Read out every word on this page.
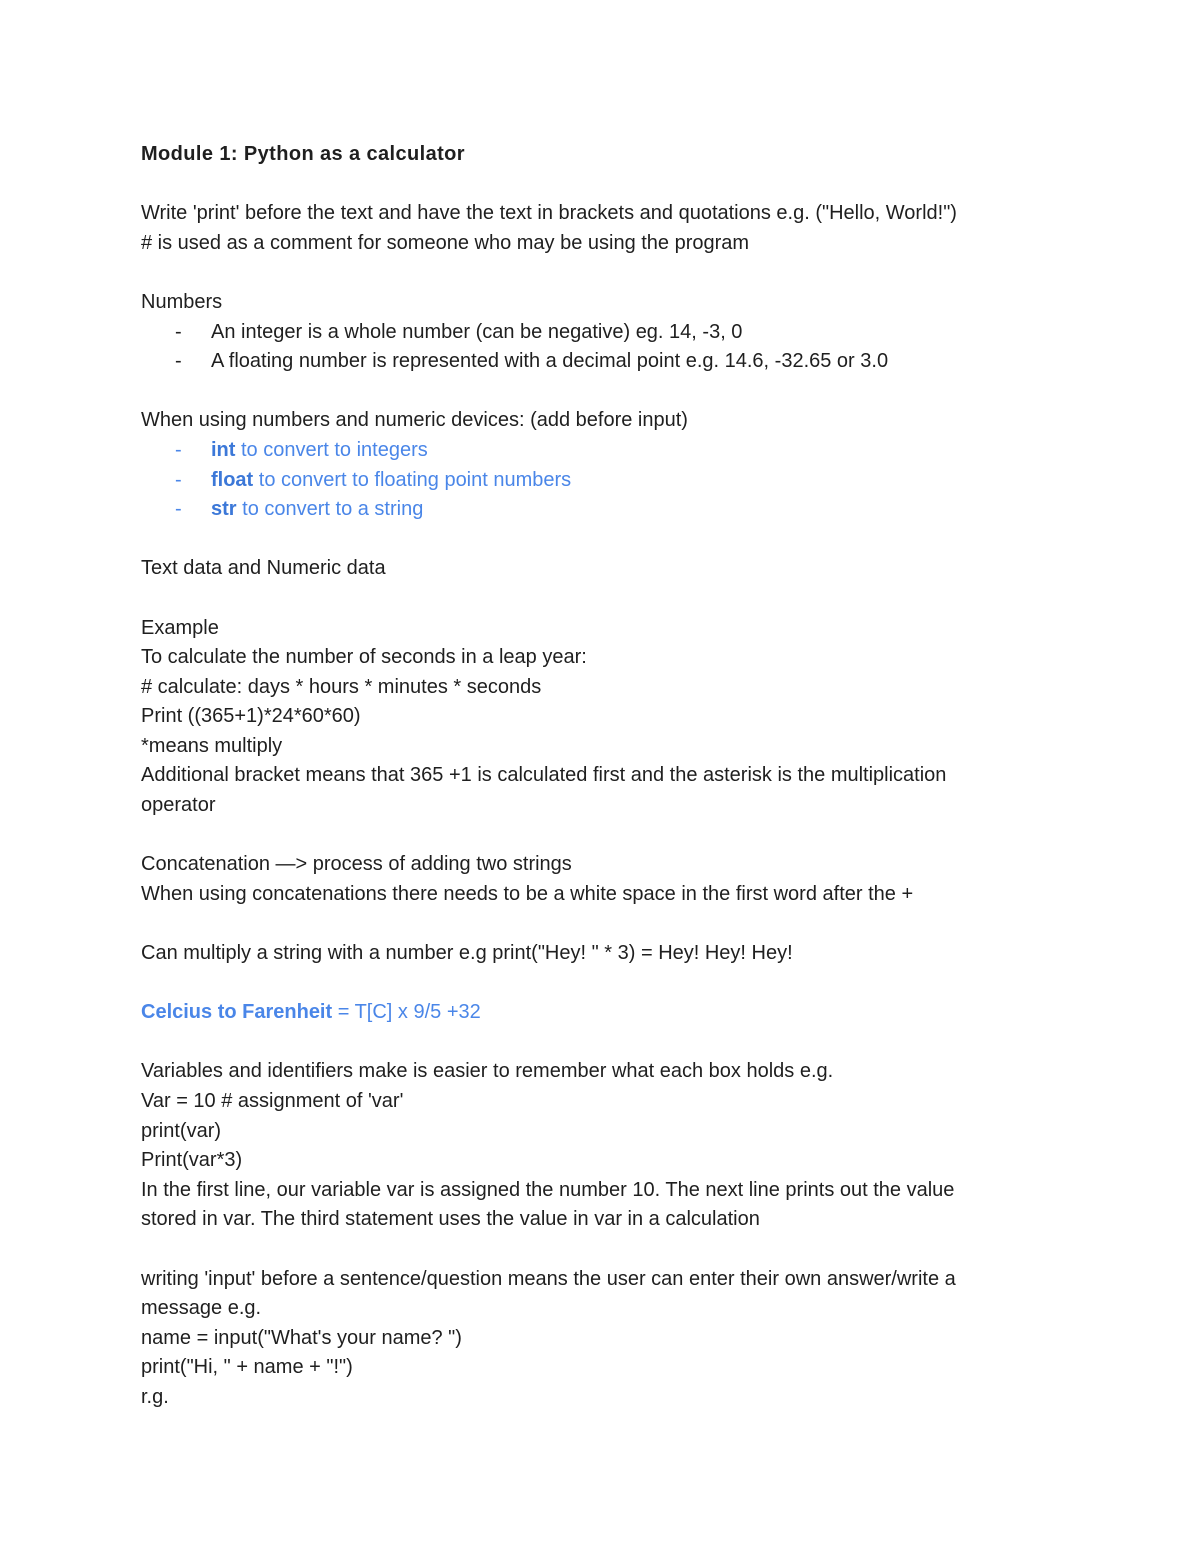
Module 1: Python as a calculator
Write 'print' before the text and have the text in brackets and quotations e.g. ("Hello, World!")
# is used as a comment for someone who may be using the program
Numbers
- An integer is a whole number (can be negative) eg. 14, -3, 0
- A floating number is represented with a decimal point e.g. 14.6, -32.65 or 3.0
When using numbers and numeric devices: (add before input)
- int to convert to integers
- float to convert to floating point numbers
- str to convert to a string
Text data and Numeric data
Example
To calculate the number of seconds in a leap year:
# calculate: days * hours * minutes * seconds
Print ((365+1)*24*60*60)
*means multiply
Additional bracket means that 365 +1 is calculated first and the asterisk is the multiplication
operator
Concatenation —> process of adding two strings
When using concatenations there needs to be a white space in the first word after the +
Can multiply a string with a number e.g print("Hey! " * 3) = Hey! Hey! Hey!
Celcius to Farenheit = T[C] x 9/5 +32
Variables and identifiers make is easier to remember what each box holds e.g.
Var = 10 # assignment of 'var'
print(var)
Print(var*3)
In the first line, our variable var is assigned the number 10. The next line prints out the value
stored in var. The third statement uses the value in var in a calculation
writing 'input' before a sentence/question means the user can enter their own answer/write a
message e.g.
name = input("What's your name? ")
print("Hi, " + name + "!")
r.g.
